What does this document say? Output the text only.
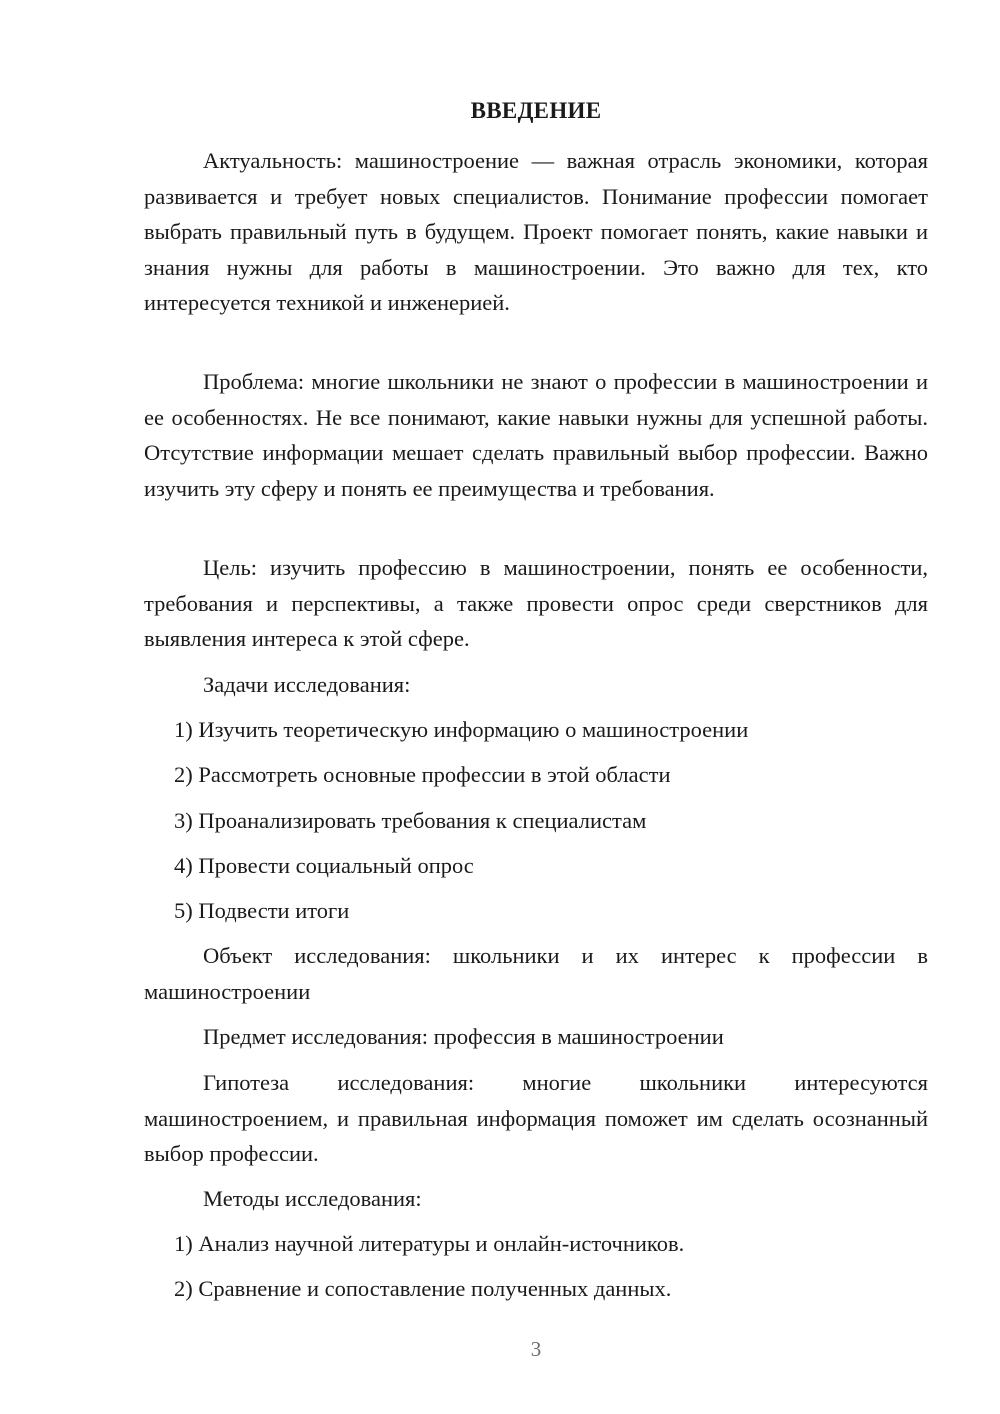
ВВЕДЕНИЕ

Актуальность: машиностроение — важная отрасль экономики, которая развивается и требует новых специалистов. Понимание профессии помогает выбрать правильный путь в будущем. Проект помогает понять, какие навыки и знания нужны для работы в машиностроении. Это важно для тех, кто интересуется техникой и инженерией.

Проблема: многие школьники не знают о профессии в машиностроении и ее особенностях. Не все понимают, какие навыки нужны для успешной работы. Отсутствие информации мешает сделать правильный выбор профессии. Важно изучить эту сферу и понять ее преимущества и требования.

Цель: изучить профессию в машиностроении, понять ее особенности, требования и перспективы, а также провести опрос среди сверстников для выявления интереса к этой сфере.

Задачи исследования:
1) Изучить теоретическую информацию о машиностроении
2) Рассмотреть основные профессии в этой области
3) Проанализировать требования к специалистам
4) Провести социальный опрос
5) Подвести итоги

Объект исследования: школьники и их интерес к профессии в машиностроении

Предмет исследования: профессия в машиностроении

Гипотеза исследования: многие школьники интересуются машиностроением, и правильная информация поможет им сделать осознанный выбор профессии.

Методы исследования:
1) Анализ научной литературы и онлайн-источников.
2) Сравнение и сопоставление полученных данных.
3
